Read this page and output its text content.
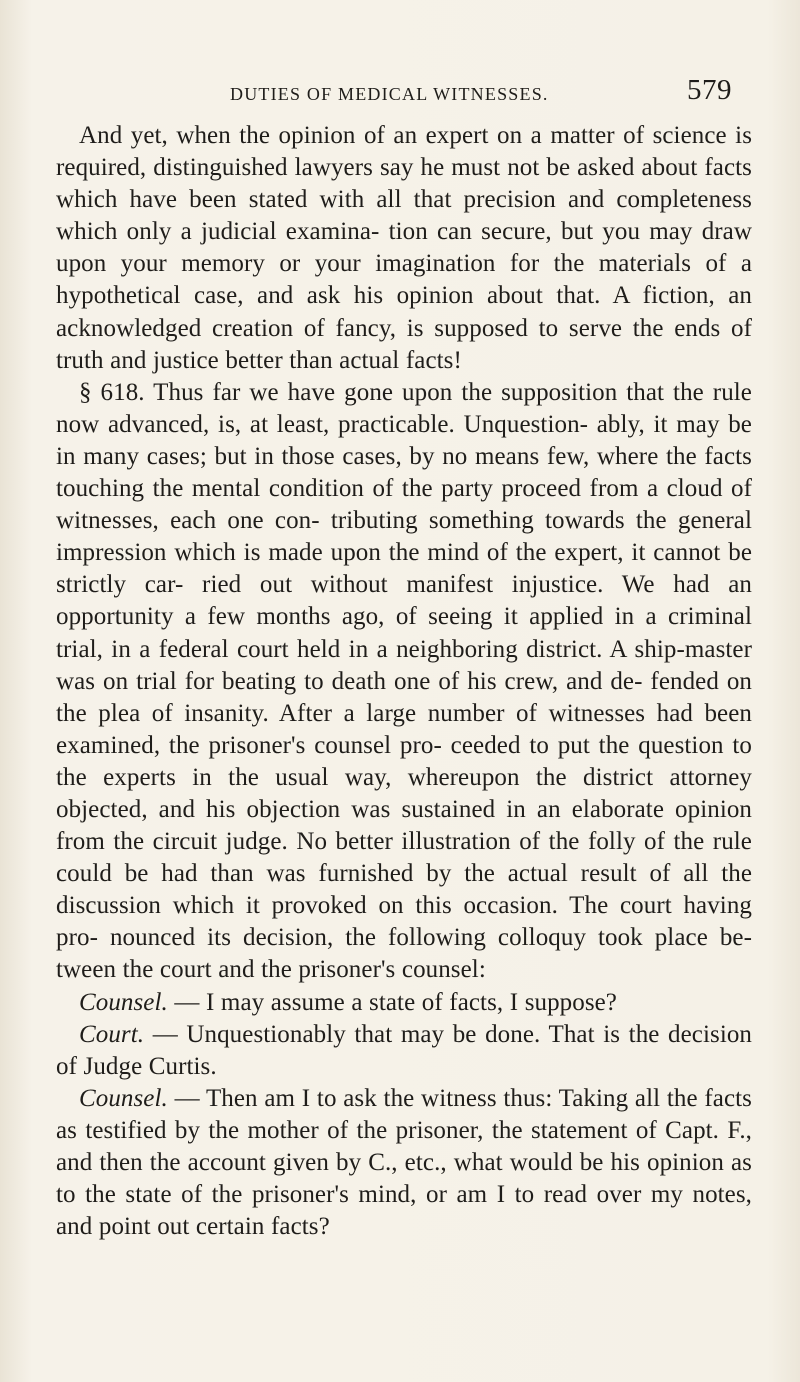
DUTIES OF MEDICAL WITNESSES.	579

And yet, when the opinion of an expert on a matter of science is required, distinguished lawyers say he must not be asked about facts which have been stated with all that precision and completeness which only a judicial examina- tion can secure, but you may draw upon your memory or your imagination for the materials of a hypothetical case, and ask his opinion about that. A fiction, an acknowledged creation of fancy, is supposed to serve the ends of truth and justice better than actual facts!

§ 618. Thus far we have gone upon the supposition that the rule now advanced, is, at least, practicable. Unquestion- ably, it may be in many cases; but in those cases, by no means few, where the facts touching the mental condition of the party proceed from a cloud of witnesses, each one con- tributing something towards the general impression which is made upon the mind of the expert, it cannot be strictly car- ried out without manifest injustice. We had an opportunity a few months ago, of seeing it applied in a criminal trial, in a federal court held in a neighboring district. A ship-master was on trial for beating to death one of his crew, and de- fended on the plea of insanity. After a large number of witnesses had been examined, the prisoner's counsel pro- ceeded to put the question to the experts in the usual way, whereupon the district attorney objected, and his objection was sustained in an elaborate opinion from the circuit judge. No better illustration of the folly of the rule could be had than was furnished by the actual result of all the discussion which it provoked on this occasion. The court having pro- nounced its decision, the following colloquy took place be- tween the court and the prisoner's counsel:

Counsel. — I may assume a state of facts, I suppose?

Court. — Unquestionably that may be done. That is the decision of Judge Curtis.

Counsel. — Then am I to ask the witness thus: Taking all the facts as testified by the mother of the prisoner, the statement of Capt. F., and then the account given by C., etc., what would be his opinion as to the state of the prisoner's mind, or am I to read over my notes, and point out certain facts?
